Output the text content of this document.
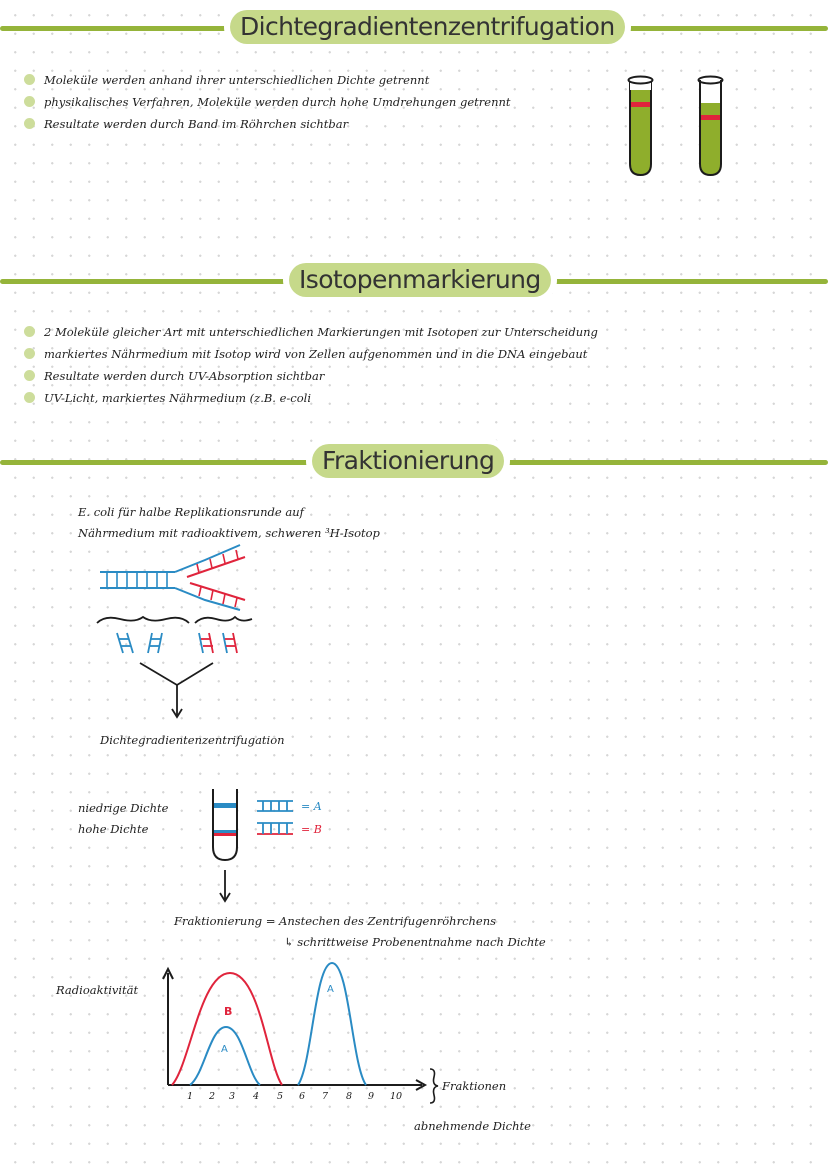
Dichtegradientenzentrifugation
Moleküle werden anhand ihrer unterschiedlichen Dichte getrennt
physikalisches Verfahren, Moleküle werden durch hohe Umdrehungen getrennt
Resultate werden durch Band im Röhrchen sichtbar
Isotopenmarkierung
2 Moleküle gleicher Art mit unterschiedlichen Markierungen mit Isotopen zur Unterscheidung
markiertes Nährmedium mit Isotop wird von Zellen aufgenommen und in die DNA eingebaut
Resultate werden durch UV-Absorption sichtbar
UV-Licht, markiertes Nährmedium (z.B. e-coli
Fraktionierung

E. coli für halbe Replikationsrunde auf

Nährmedium mit radioaktivem, schweren ³H-Isotop

Dichtegradientenzentrifugation

niedrige Dichte

hohe Dichte

= A
= B

Fraktionierung = Anstechen des Zentrifugenröhrchens

↳ schrittweise Probenentnahme nach Dichte

Radioaktivität

B
A
A
1 2 3 4 5 6 7 8 9 10

Fraktionen

abnehmende Dichte
